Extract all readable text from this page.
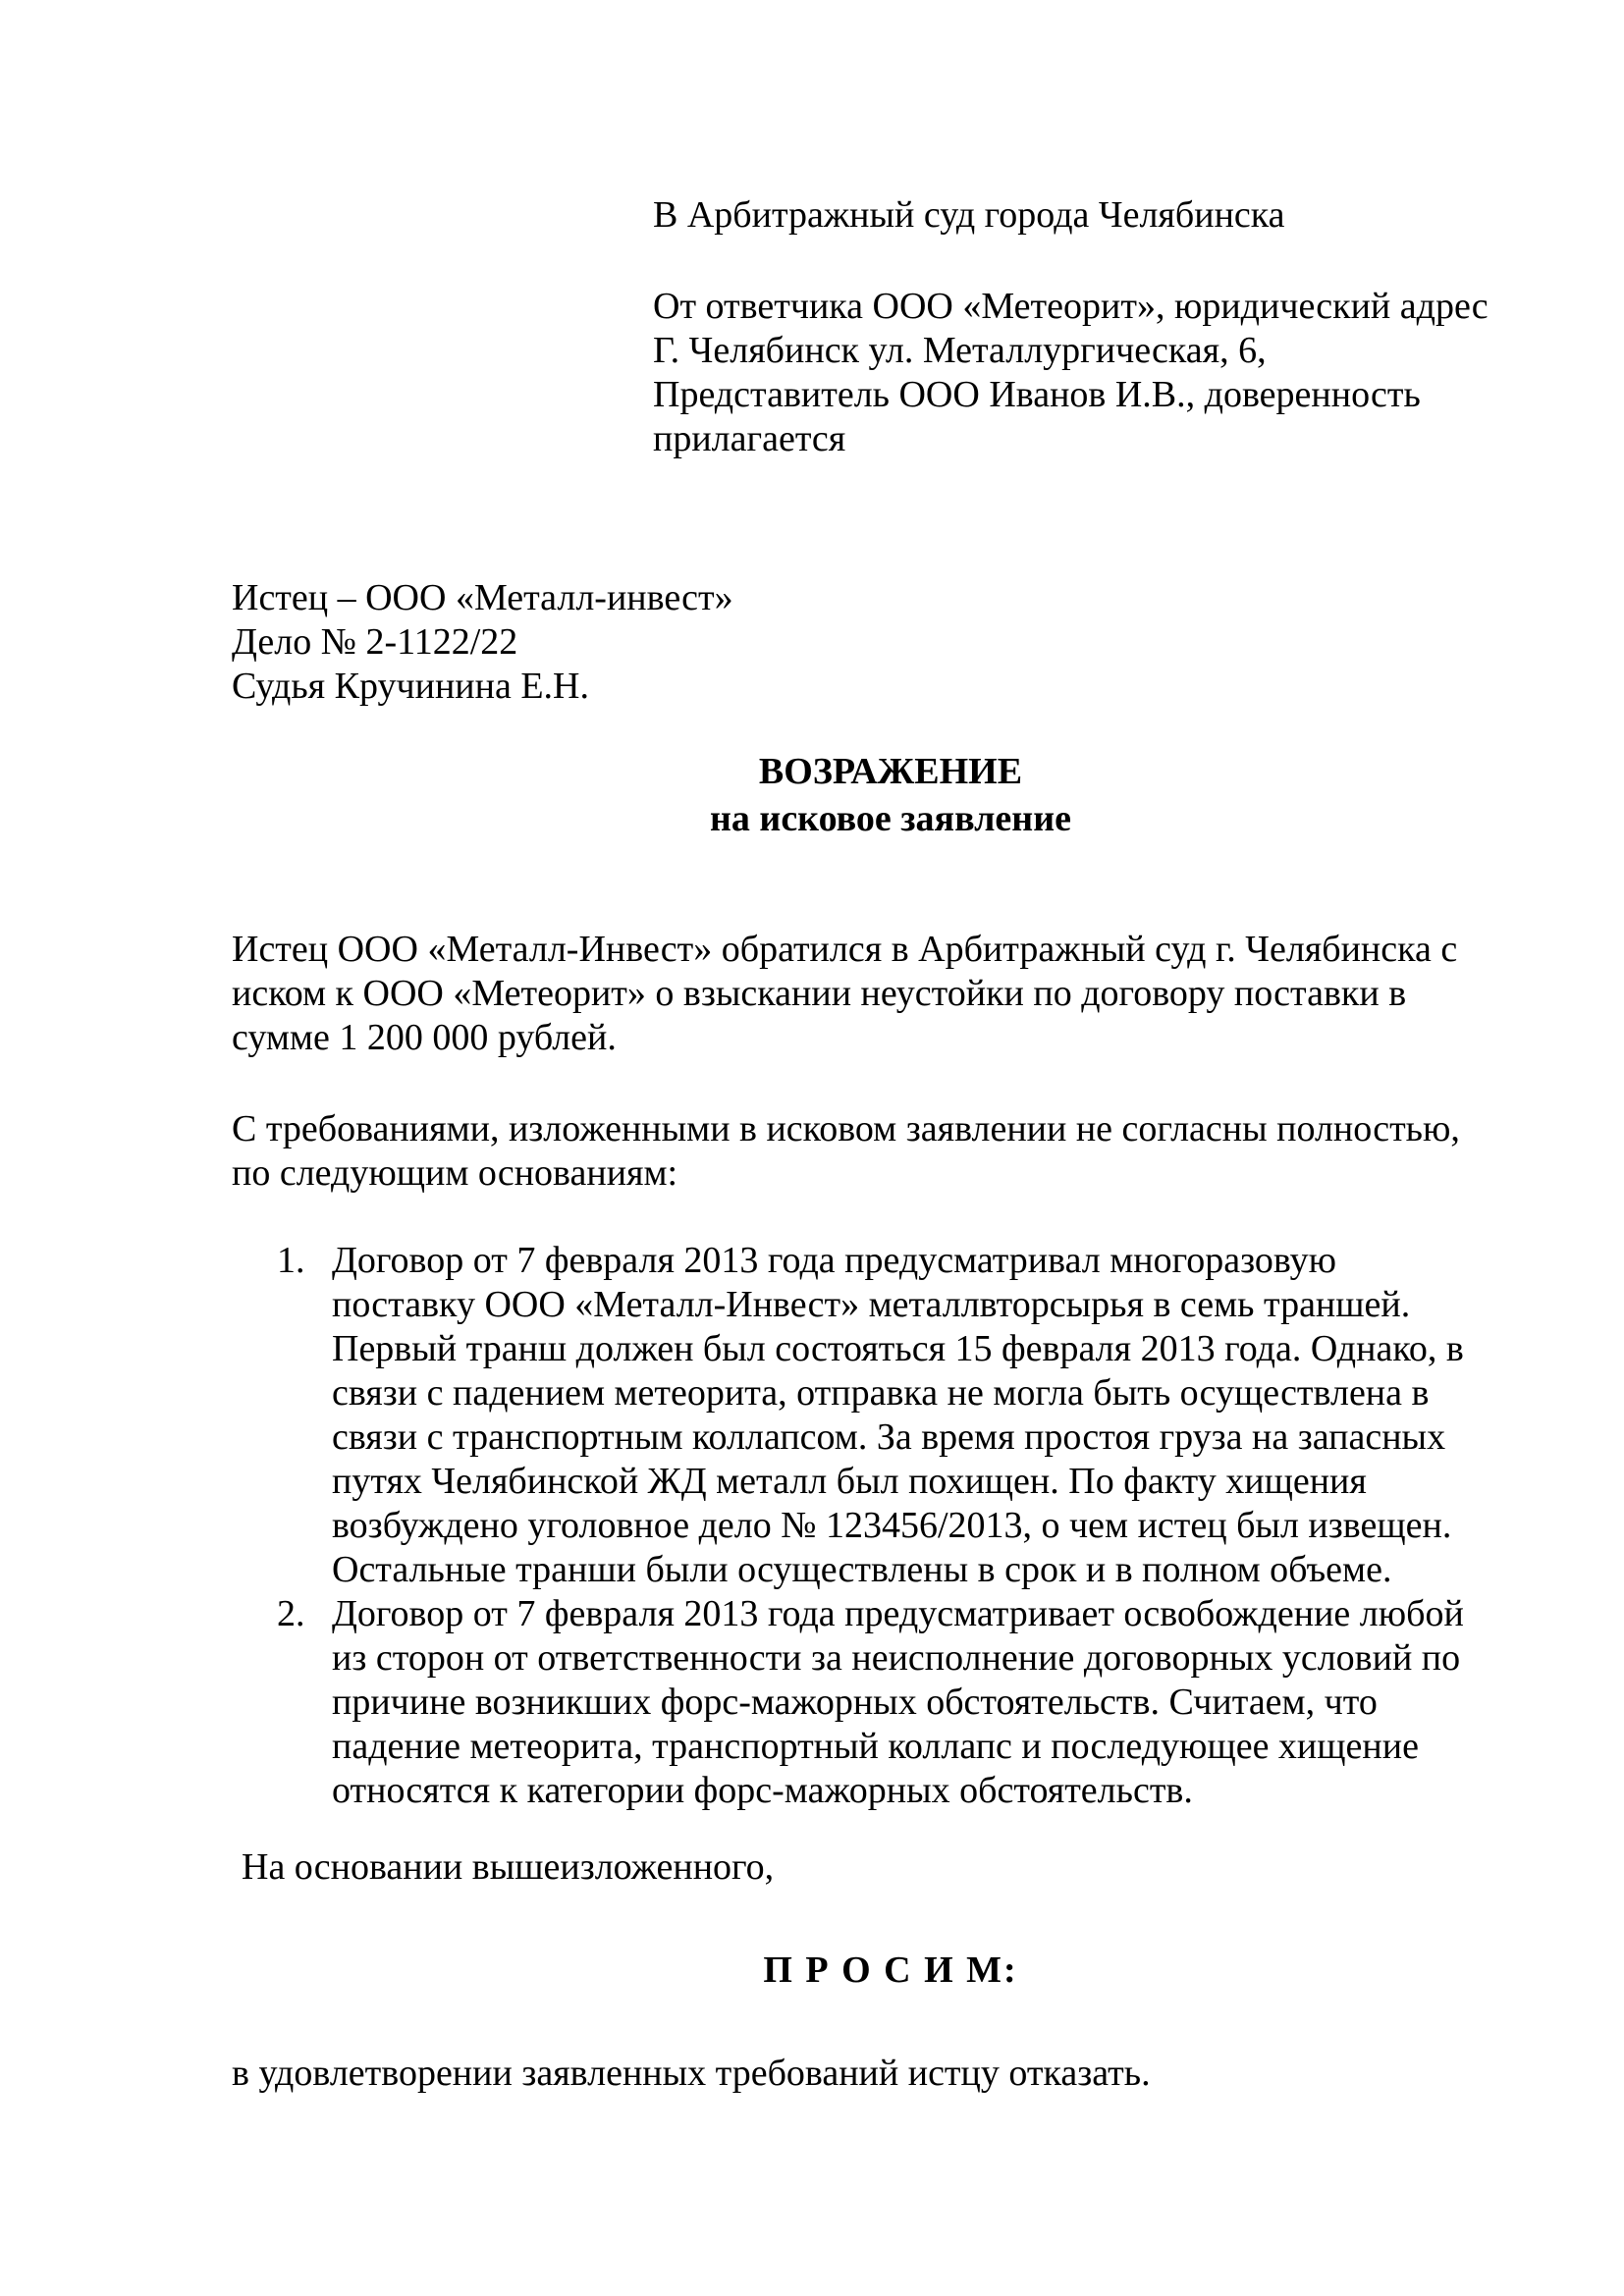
В Арбитражный суд города Челябинска
От ответчика ООО «Метеорит», юридический адрес
Г. Челябинск ул. Металлургическая, 6,
Представитель ООО Иванов И.В., доверенность
прилагается
Истец – ООО «Металл-инвест»
Дело № 2-1122/22
Судья Кручинина Е.Н.
ВОЗРАЖЕНИЕ
на исковое заявление
Истец ООО «Металл-Инвест» обратился в Арбитражный суд г. Челябинска с
иском к ООО «Метеорит» о взыскании неустойки по договору поставки в
сумме 1 200 000 рублей.
С требованиями, изложенными в исковом заявлении не согласны полностью,
по следующим основаниям:
1. Договор от 7 февраля 2013 года предусматривал многоразовую
поставку ООО «Металл-Инвест» металлвторсырья в семь траншей.
Первый транш должен был состояться 15 февраля 2013 года. Однако, в
связи с падением метеорита, отправка не могла быть осуществлена в
связи с транспортным коллапсом. За время простоя груза на запасных
путях Челябинской ЖД металл был похищен. По факту хищения
возбуждено уголовное дело № 123456/2013, о чем истец был извещен.
Остальные транши были осуществлены в срок и в полном объеме.
2. Договор от 7 февраля 2013 года предусматривает освобождение любой
из сторон от ответственности за неисполнение договорных условий по
причине возникших форс-мажорных обстоятельств. Считаем, что
падение метеорита, транспортный коллапс и последующее хищение
относятся к категории форс-мажорных обстоятельств.
На основании вышеизложенного,
П Р О С И М:
в удовлетворении заявленных требований истцу отказать.
